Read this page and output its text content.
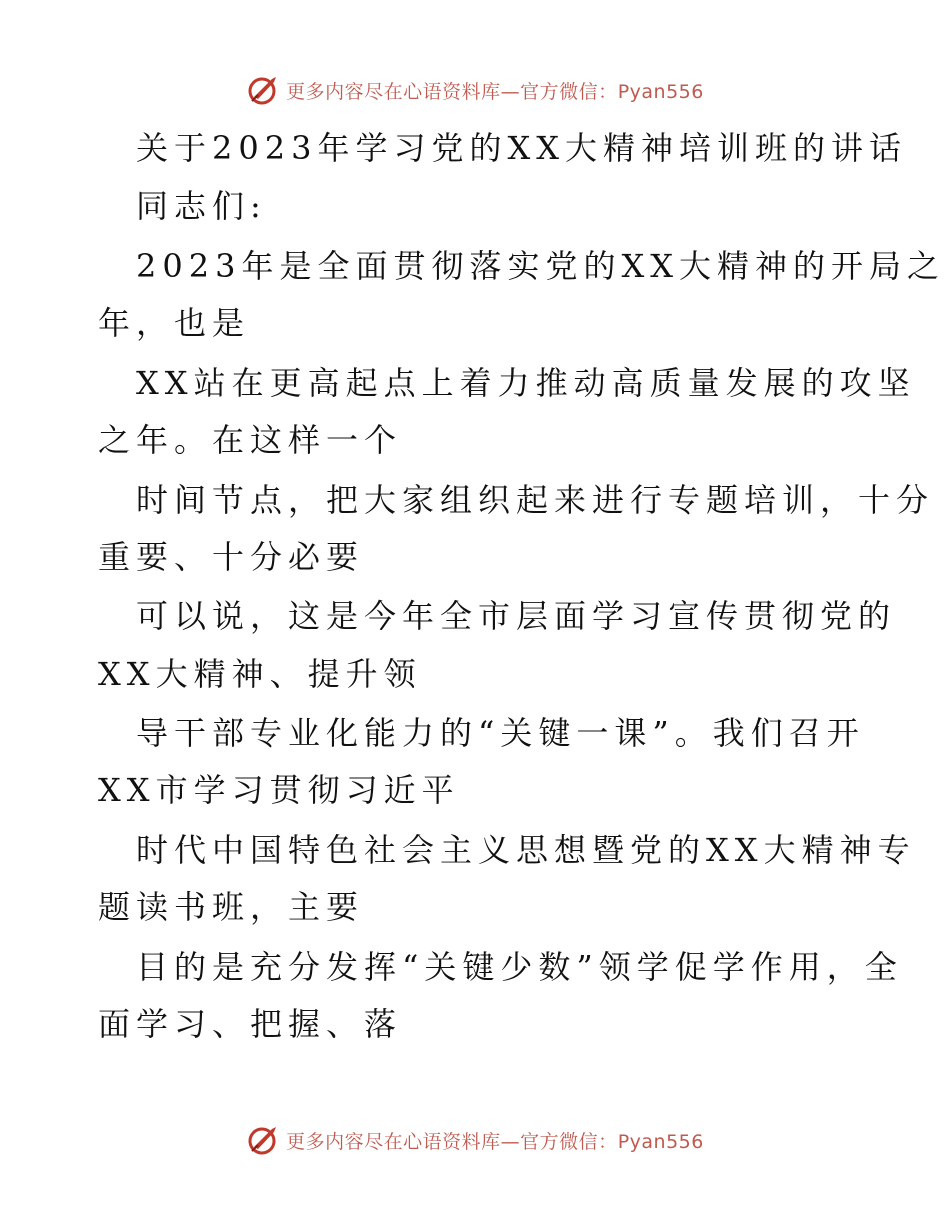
更多内容尽在心语资料库—官方微信：Pyan556
关于2023年学习党的XX大精神培训班的讲话
同志们:
2023年是全面贯彻落实党的XX大精神的开局之
年，也是
XX站在更高起点上着力推动高质量发展的攻坚
之年。在这样一个
时间节点，把大家组织起来进行专题培训，十分
重要、十分必要
可以说，这是今年全市层面学习宣传贯彻党的
XX大精神、提升领
导干部专业化能力的“关键一课”。我们召开
XX市学习贯彻习近平
时代中国特色社会主义思想暨党的XX大精神专
题读书班，主要
目的是充分发挥“关键少数”领学促学作用，全
面学习、把握、落
更多内容尽在心语资料库—官方微信：Pyan556
